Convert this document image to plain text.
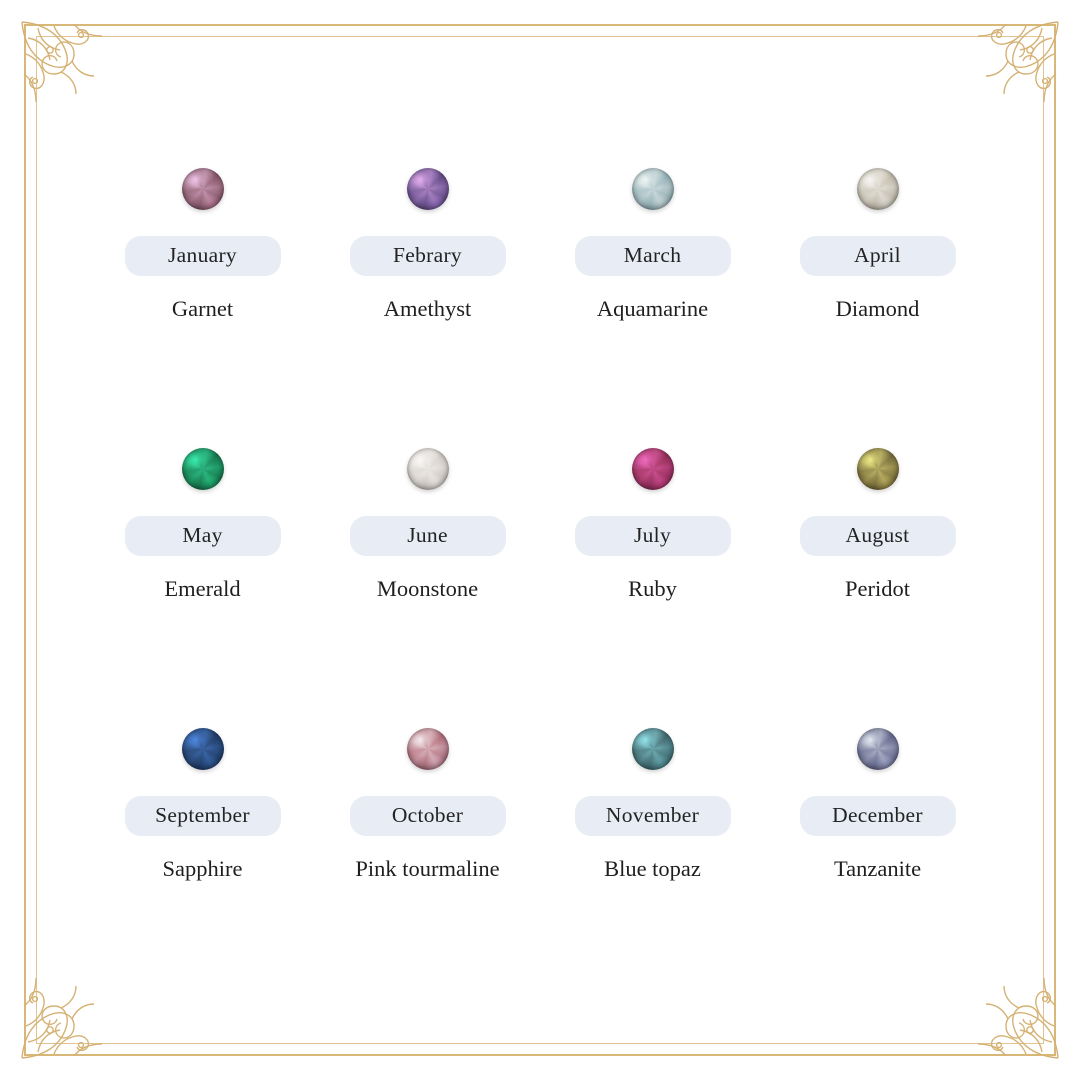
January
Garnet
Febrary
Amethyst
March
Aquamarine
April
Diamond
May
Emerald
June
Moonstone
July
Ruby
August
Peridot
September
Sapphire
October
Pink tourmaline
November
Blue topaz
December
Tanzanite
